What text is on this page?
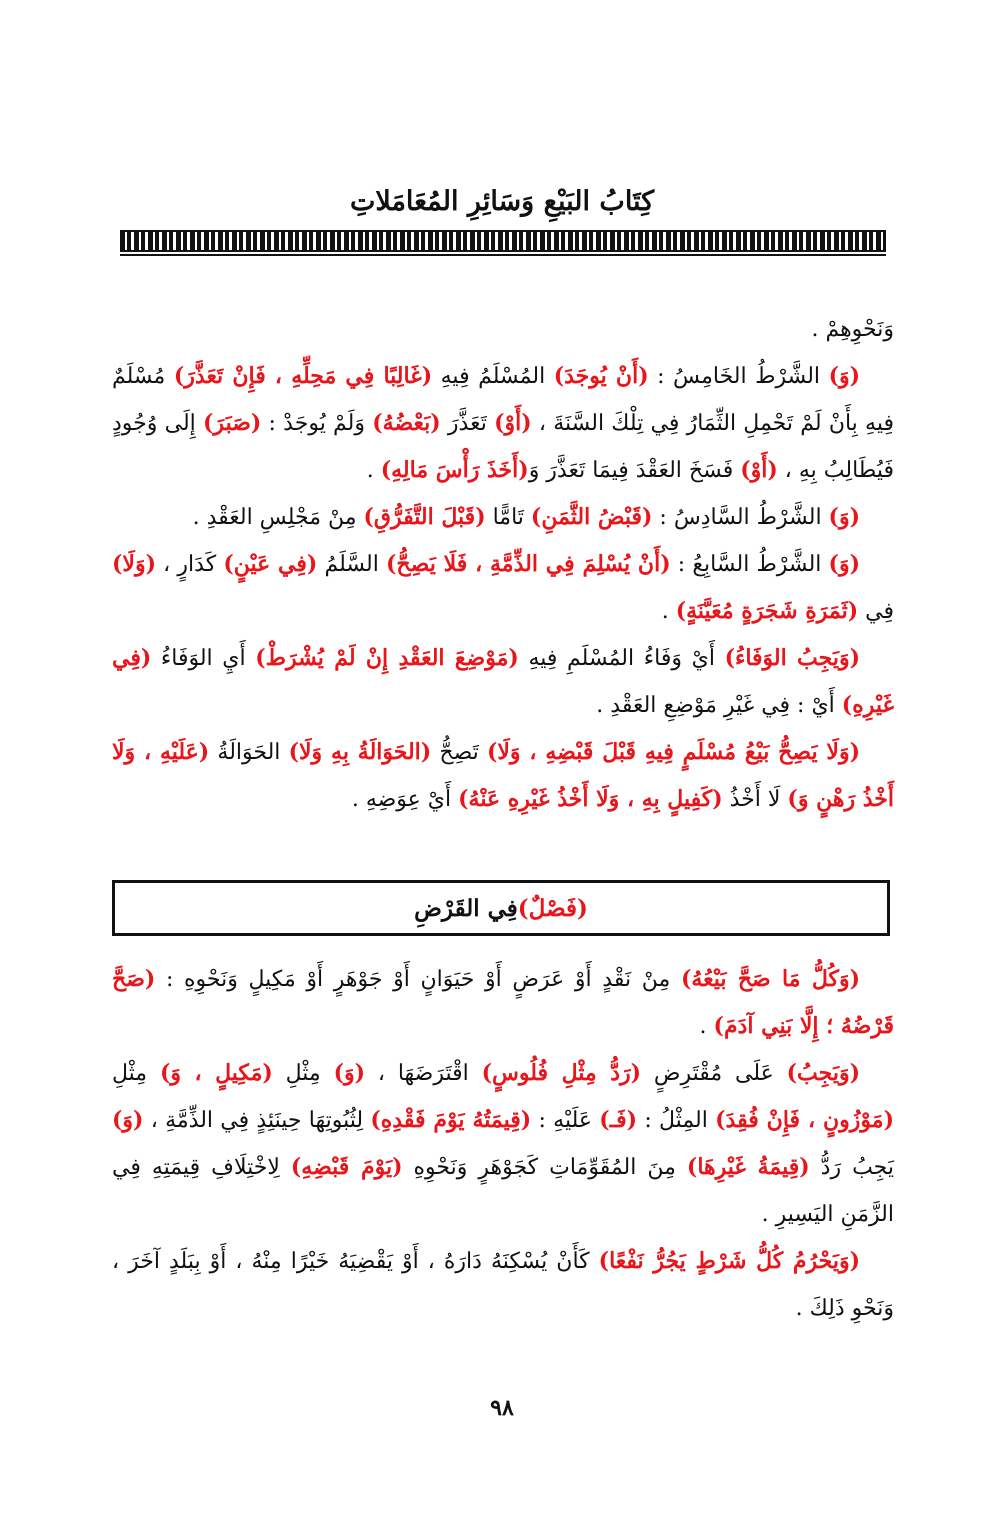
كِتَابُ البَيْعِ وَسَائِرِ المُعَامَلاتِ

وَنَحْوِهِمْ .

(وَ) الشَّرْطُ الخَامِسُ : (أَنْ يُوجَدَ) المُسْلَمُ فِيهِ (غَالِبًا فِي مَحِلِّهِ ، فَإِنْ تَعَذَّرَ) مُسْلَمٌ فِيهِ بِأَنْ لَمْ تَحْمِلِ الثِّمَارُ فِي تِلْكَ السَّنَةَ ، (أَوْ) تَعَذَّرَ (بَعْضُهُ) وَلَمْ يُوجَدْ : (صَبَرَ) إِلَى وُجُودٍ فَيُطَالِبُ بِهِ ، (أَوْ) فَسَخَ العَقْدَ فِيمَا تَعَذَّرَ وَ(أَخَذَ رَأْسَ مَالِهِ) .

(وَ) الشَّرْطُ السَّادِسُ : (قَبْضُ الثَّمَنِ) تَامًّا (قَبْلَ التَّفَرُّقِ) مِنْ مَجْلِسِ العَقْدِ .

(وَ) الشَّرْطُ السَّابِعُ : (أَنْ يُسْلِمَ فِي الذِّمَّةِ ، فَلَا يَصِحُّ) السَّلَمُ (فِي عَيْنٍ) كَدَارٍ ، (وَلَا) فِي (ثَمَرَةِ شَجَرَةٍ مُعَيَّنَةٍ) .

(وَيَجِبُ الوَفَاءُ) أَيْ وَفَاءُ المُسْلَمِ فِيهِ (مَوْضِعَ العَقْدِ إِنْ لَمْ يُشْرَطْ) أَيِ الوَفَاءُ (فِي غَيْرِهِ) أَيْ : فِي غَيْرِ مَوْضِعِ العَقْدِ .

(وَلَا يَصِحُّ بَيْعُ مُسْلَمٍ فِيهِ قَبْلَ قَبْضِهِ ، وَلَا) تَصِحُّ (الحَوَالَةُ بِهِ وَلَا) الحَوَالَةُ (عَلَيْهِ ، وَلَا أَخْذُ رَهْنٍ وَ) لَا أَخْذُ (كَفِيلٍ بِهِ ، وَلَا أَخْذُ غَيْرِهِ عَنْهُ) أَيْ عِوَضِهِ .

(فَصْلٌ)
فِي القَرْضِ

(وَكُلُّ مَا صَحَّ بَيْعُهُ) مِنْ نَقْدٍ أَوْ عَرَضٍ أَوْ حَيَوَانٍ أَوْ جَوْهَرٍ أَوْ مَكِيلٍ وَنَحْوِهِ : (صَحَّ قَرْضُهُ ؛ إِلَّا بَنِي آدَمَ) .

(وَيَجِبُ) عَلَى مُقْتَرِضٍ (رَدُّ مِثْلِ فُلُوسٍ) اقْتَرَضَهَا ، (وَ) مِثْلِ (مَكِيلٍ ، وَ) مِثْلِ (مَوْزُونٍ ، فَإِنْ فُقِدَ) المِثْلُ : (فَـ) عَلَيْهِ : (قِيمَتُهُ يَوْمَ فَقْدِهِ) لِثُبُوتِهَا حِينَئِذٍ فِي الذِّمَّةِ ، (وَ) يَجِبُ رَدُّ (قِيمَةُ غَيْرِهَا) مِنَ المُقَوِّمَاتِ كَجَوْهَرٍ وَنَحْوِهِ (يَوْمَ قَبْضِهِ) لِاخْتِلَافِ قِيمَتِهِ فِي الزَّمَنِ اليَسِيرِ .

(وَيَحْرُمُ كُلُّ شَرْطٍ يَجُرُّ نَفْعًا) كَأَنْ يُسْكِنَهُ دَارَهُ ، أَوْ يَقْضِيَهُ خَيْرًا مِنْهُ ، أَوْ بِبَلَدٍ آخَرَ ، وَنَحْوِ ذَلِكَ .

٩٨
